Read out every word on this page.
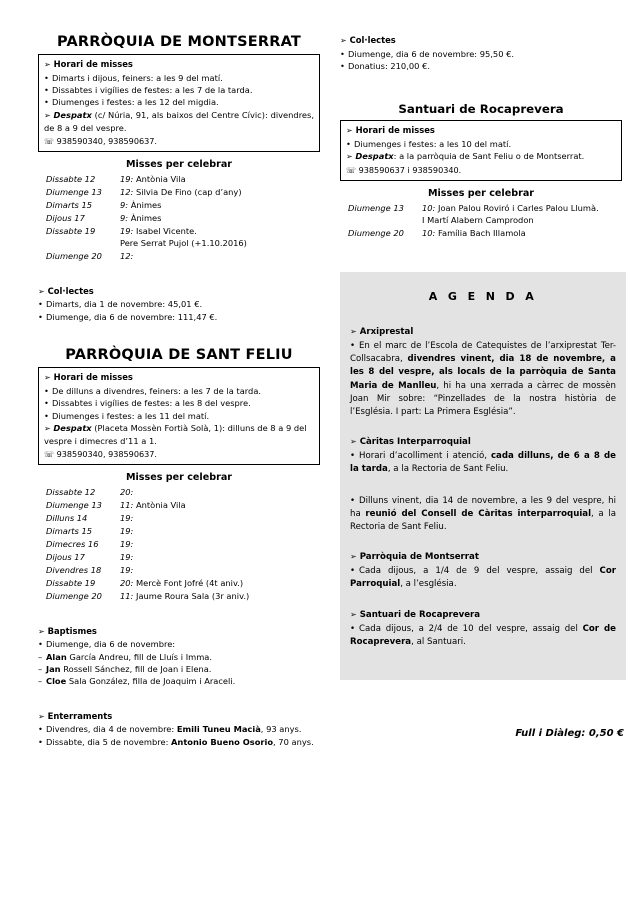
PARRÒQUIA DE MONTSERRAT
➢ Horari de misses
• Dimarts i dijous, feiners: a les 9 del matí.
• Dissabtes i vigílies de festes: a les 7 de la tarda.
• Diumenges i festes: a les 12 del migdia.
➢ Despatx (c/ Núria, 91, als baixos del Centre Cívic): divendres, de 8 a 9 del vespre.
☏ 938590340, 938590637.
Misses per celebrar
Dissabte 12	19: Antònia Vila
Diumenge 13	12: Silvia De Fino (cap d’any)
Dimarts 15	9: Ànimes
Dijous 17	9: Ànimes
Dissabte 19	19: Isabel Vicente.
Pere Serrat Pujol (+1.10.2016)
Diumenge 20	12:
➢ Col·lectes
• Dimarts, dia 1 de novembre: 45,01 €.
• Diumenge, dia 6 de novembre: 111,47 €.
PARRÒQUIA DE SANT FELIU
➢ Horari de misses
• De dilluns a divendres, feiners: a les 7 de la tarda.
• Dissabtes i vigílies de festes: a les 8 del vespre.
• Diumenges i festes: a les 11 del matí.
➢ Despatx (Placeta Mossèn Fortià Solà, 1): dilluns de 8 a 9 del vespre i dimecres d’11 a 1.
☏ 938590340, 938590637.
Misses per celebrar
Dissabte 12	20:
Diumenge 13	11: Antònia Vila
Dilluns 14	19:
Dimarts 15	19:
Dimecres 16	19:
Dijous 17	19:
Divendres 18	19:
Dissabte 19	20: Mercè Font Jofré (4t aniv.)
Diumenge 20	11: Jaume Roura Sala (3r aniv.)
➢ Baptismes
• Diumenge, dia 6 de novembre:
– Alan García Andreu, fill de Lluís i Imma.
– Jan Rossell Sánchez, fill de Joan i Elena.
– Cloe Sala González, filla de Joaquim i Araceli.
➢ Enterraments
• Divendres, dia 4 de novembre: Emili Tuneu Macià, 93 anys.
• Dissabte, dia 5 de novembre: Antonio Bueno Osorio, 70 anys.
➢ Col·lectes
• Diumenge, dia 6 de novembre: 95,50 €.
• Donatius: 210,00 €.
Santuari de Rocaprevera
➢ Horari de misses
• Diumenges i festes: a les 10 del matí.
➢ Despatx: a la parròquia de Sant Feliu o de Montserrat.
☏ 938590637 i 938590340.
Misses per celebrar
Diumenge 13	10: Joan Palou Roviró i Carles Palou Llumà.
I Martí Alabern Camprodon
Diumenge 20	10: Família Bach Illamola
A G E N D A
➢ Arxiprestal
• En el marc de l’Escola de Catequistes de l’arxiprestat Ter-Collsacabra, divendres vinent, dia 18 de novembre, a les 8 del vespre, als locals de la parròquia de Santa Maria de Manlleu, hi ha una xerrada a càrrec de mossèn Joan Mir sobre: “Pinzellades de la nostra història de l’Església. I part: La Primera Església”.
➢ Càritas Interparroquial
• Horari d’acolliment i atenció, cada dilluns, de 6 a 8 de la tarda, a la Rectoria de Sant Feliu.
• Dilluns vinent, dia 14 de novembre, a les 9 del vespre, hi ha reunió del Consell de Càritas interparroquial, a la Rectoria de Sant Feliu.
➢ Parròquia de Montserrat
• Cada dijous, a 1/4 de 9 del vespre, assaig del Cor Parroquial, a l’església.
➢ Santuari de Rocaprevera
• Cada dijous, a 2/4 de 10 del vespre, assaig del Cor de Rocaprevera, al Santuari.
Full i Diàleg: 0,50 €
